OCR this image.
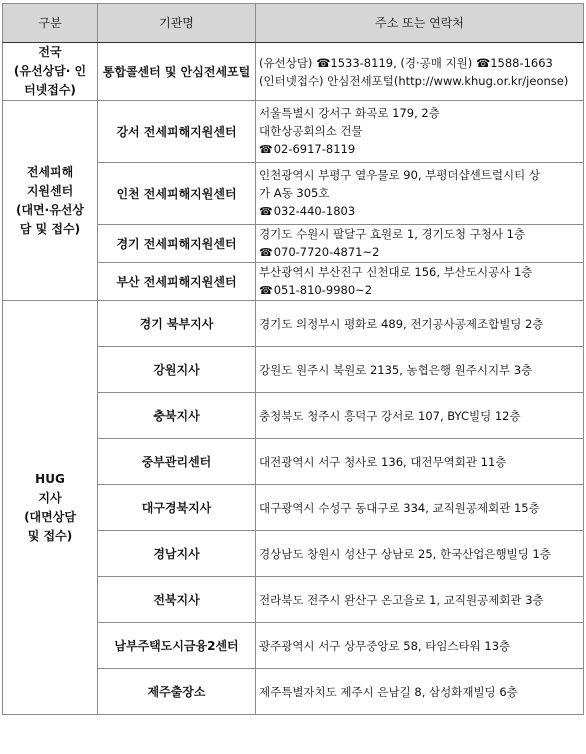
구분	기관명	주소 또는 연락처

전국
(유선상담· 인
터넷접수)	통합콜센터 및 안심전세포털	(유선상담) ☎1533-8119, (경·공매 지원) ☎1588-1663
(인터넷접수) 안심전세포털(http://www.khug.or.kr/jeonse)

전세피해
지원센터
(대면·유선상
담 및 접수)	강서 전세피해지원센터	서울특별시 강서구 화곡로 179, 2층
대한상공회의소 건물
☎02-6917-8119

	인천 전세피해지원센터	인천광역시 부평구 열우물로 90, 부평더샵센트럴시티 상
가 A동 305호
☎032-440-1803

	경기 전세피해지원센터	경기도 수원시 팔달구 효원로 1, 경기도청 구청사 1층
☎070-7720-4871~2

	부산 전세피해지원센터	부산광역시 부산진구 신천대로 156, 부산도시공사 1층
☎051-810-9980~2

HUG
지사
(대면상담
및 접수)	경기 북부지사	경기도 의정부시 평화로 489, 전기공사공제조합빌딩 2층

	강원지사	강원도 원주시 북원로 2135, 농협은행 원주시지부 3층

	충북지사	충청북도 청주시 흥덕구 강서로 107, BYC빌딩 12층

	중부관리센터	대전광역시 서구 청사로 136, 대전무역회관 11층

	대구경북지사	대구광역시 수성구 동대구로 334, 교직원공제회관 15층

	경남지사	경상남도 창원시 성산구 상남로 25, 한국산업은행빌딩 1층

	전북지사	전라북도 전주시 완산구 온고을로 1, 교직원공제회관 3층

	남부주택도시금융2센터	광주광역시 서구 상무중앙로 58, 타임스타워 13층

	제주출장소	제주특별자치도 제주시 은남길 8, 삼성화재빌딩 6층
